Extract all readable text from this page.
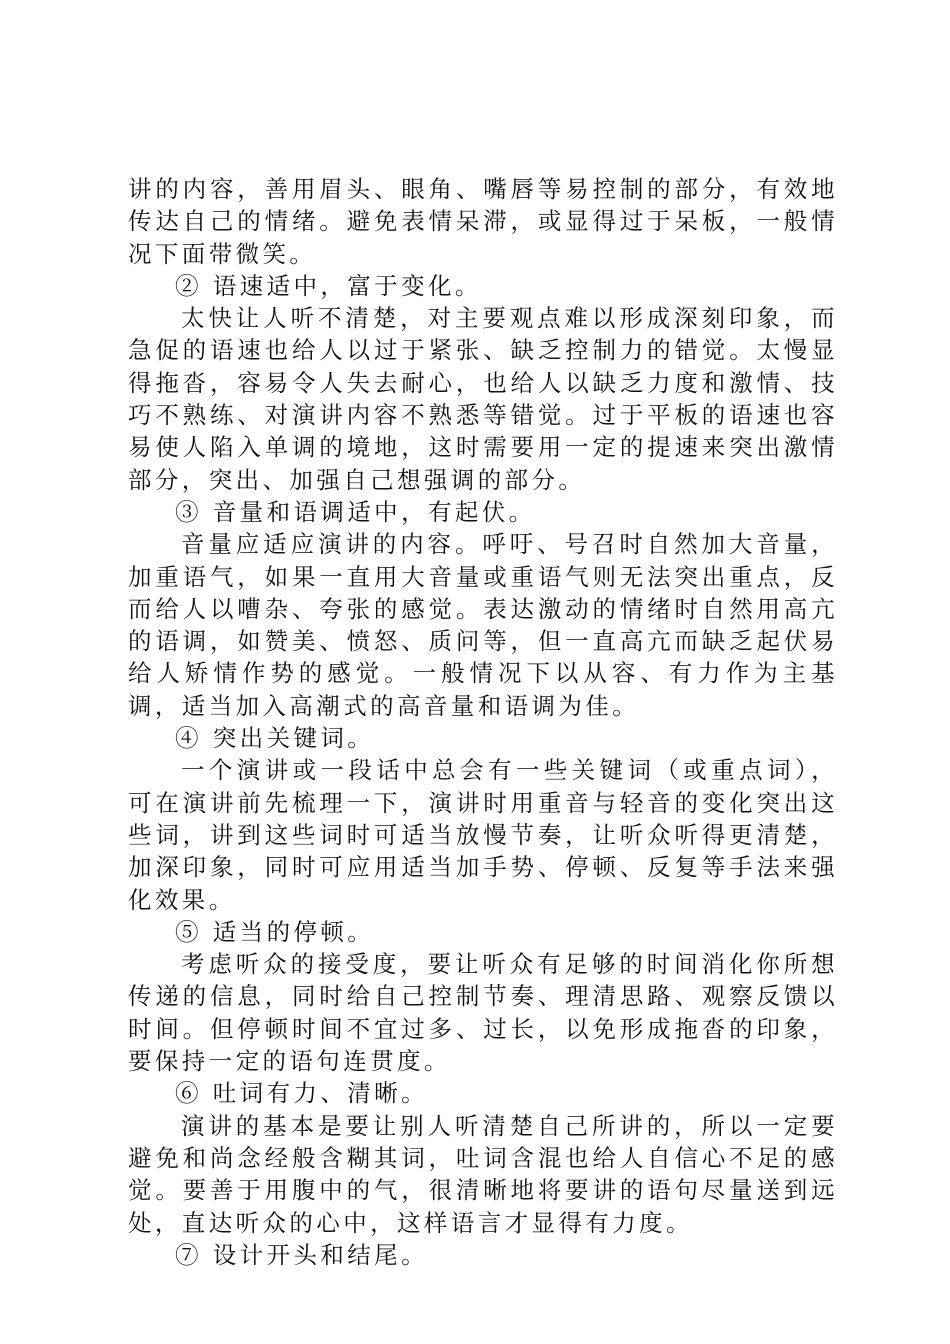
讲的内容，善用眉头、眼角、嘴唇等易控制的部分，有效地传达自己的情绪。避免表情呆滞，或显得过于呆板，一般情况下面带微笑。

② 语速适中，富于变化。

太快让人听不清楚，对主要观点难以形成深刻印象，而急促的语速也给人以过于紧张、缺乏控制力的错觉。太慢显得拖沓，容易令人失去耐心，也给人以缺乏力度和激情、技巧不熟练、对演讲内容不熟悉等错觉。过于平板的语速也容易使人陷入单调的境地，这时需要用一定的提速来突出激情部分，突出、加强自己想强调的部分。

③ 音量和语调适中，有起伏。

音量应适应演讲的内容。呼吁、号召时自然加大音量，加重语气，如果一直用大音量或重语气则无法突出重点，反而给人以嘈杂、夸张的感觉。表达激动的情绪时自然用高亢的语调，如赞美、愤怒、质问等，但一直高亢而缺乏起伏易给人矫情作势的感觉。一般情况下以从容、有力作为主基调，适当加入高潮式的高音量和语调为佳。

④ 突出关键词。

一个演讲或一段话中总会有一些关键词（或重点词），可在演讲前先梳理一下，演讲时用重音与轻音的变化突出这些词，讲到这些词时可适当放慢节奏，让听众听得更清楚，加深印象，同时可应用适当加手势、停顿、反复等手法来强化效果。

⑤ 适当的停顿。

考虑听众的接受度，要让听众有足够的时间消化你所想传递的信息，同时给自己控制节奏、理清思路、观察反馈以时间。但停顿时间不宜过多、过长，以免形成拖沓的印象，要保持一定的语句连贯度。

⑥ 吐词有力、清晰。

演讲的基本是要让别人听清楚自己所讲的，所以一定要避免和尚念经般含糊其词，吐词含混也给人自信心不足的感觉。要善于用腹中的气，很清晰地将要讲的语句尽量送到远处，直达听众的心中，这样语言才显得有力度。

⑦ 设计开头和结尾。
